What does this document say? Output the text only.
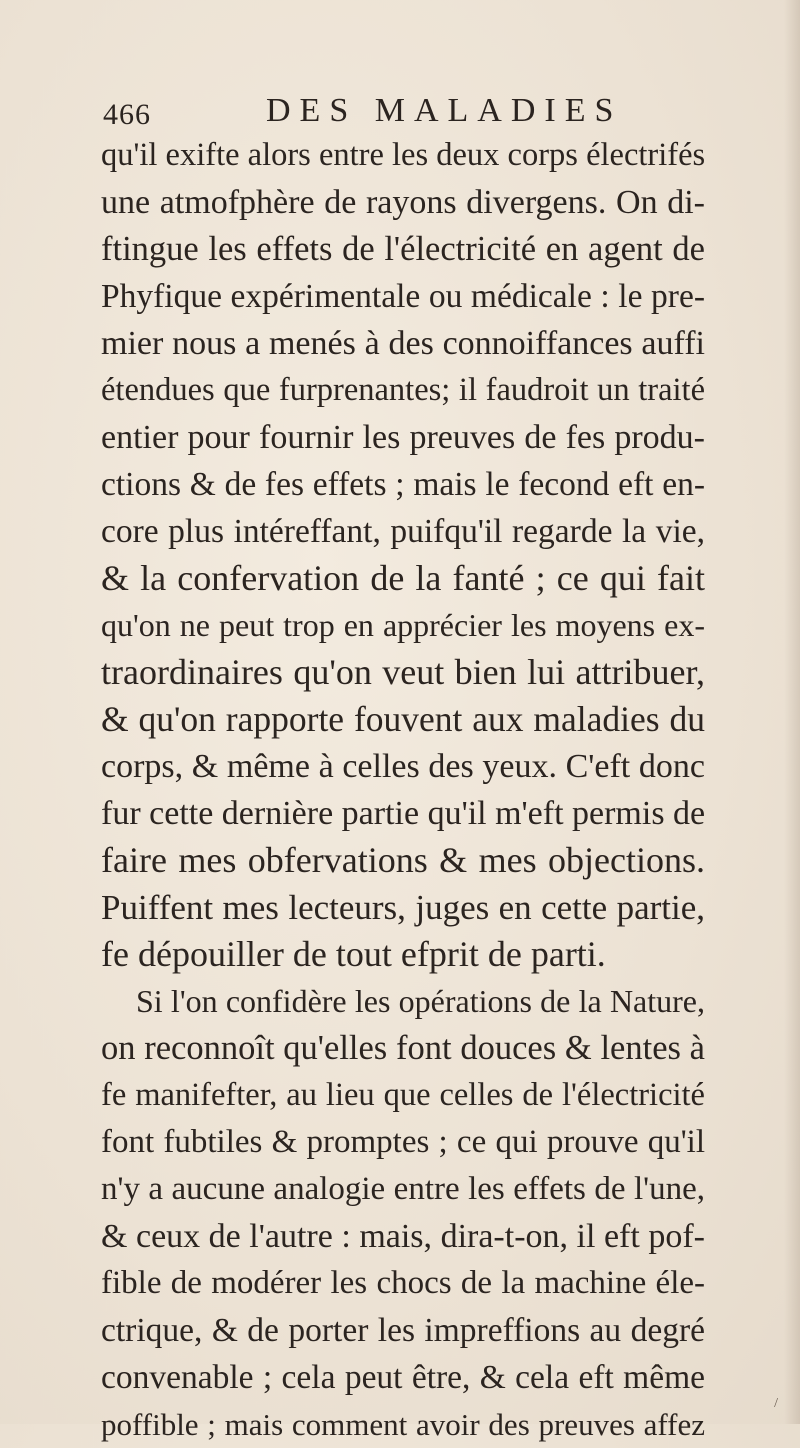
466	DES MALADIES
qu'il exifte alors entre les deux corps électrifés
une atmofphère de rayons divergens. On di-
ftingue les effets de l'électricité en agent de
Phyfique expérimentale ou médicale : le pre-
mier nous a menés à des connoiffances auffi
étendues que furprenantes; il faudroit un traité
entier pour fournir les preuves de fes produ-
ctions & de fes effets ; mais le fecond eft en-
core plus intéreffant, puifqu'il regarde la vie,
& la confervation de la fanté ; ce qui fait
qu'on ne peut trop en apprécier les moyens ex-
traordinaires qu'on veut bien lui attribuer,
& qu'on rapporte fouvent aux maladies du
corps, & même à celles des yeux. C'eft donc
fur cette dernière partie qu'il m'eft permis de
faire mes obfervations & mes objections.
Puiffent mes lecteurs, juges en cette partie,
fe dépouiller de tout efprit de parti.
Si l'on confidère les opérations de la Nature,
on reconnoît qu'elles font douces & lentes à
fe manifefter, au lieu que celles de l'électricité
font fubtiles & promptes ; ce qui prouve qu'il
n'y a aucune analogie entre les effets de l'une,
& ceux de l'autre : mais, dira-t-on, il eft pof-
fible de modérer les chocs de la machine éle-
ctrique, & de porter les impreffions au degré
convenable ; cela peut être, & cela eft même
poffible ; mais comment avoir des preuves affez
/
